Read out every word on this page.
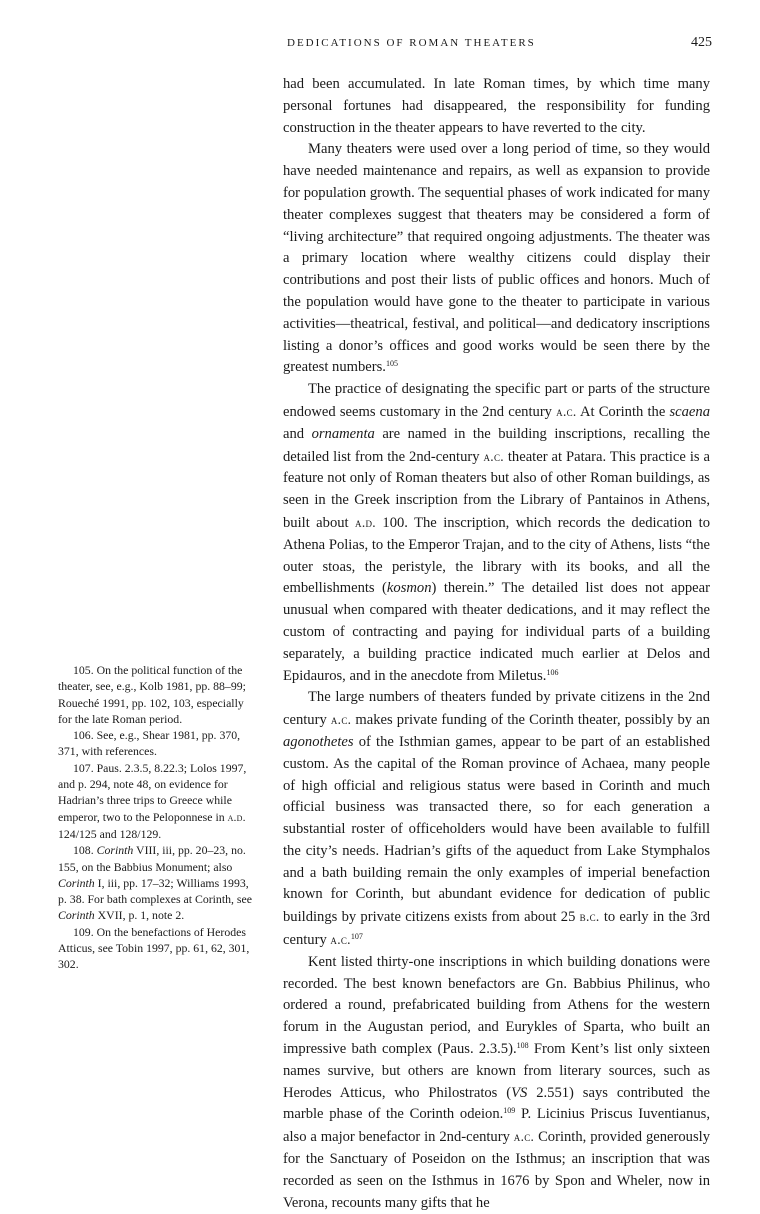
DEDICATIONS OF ROMAN THEATERS	425

had been accumulated. In late Roman times, by which time many personal fortunes had disappeared, the responsibility for funding construction in the theater appears to have reverted to the city.

Many theaters were used over a long period of time, so they would have needed maintenance and repairs, as well as expansion to provide for population growth. The sequential phases of work indicated for many theater complexes suggest that theaters may be considered a form of “living architecture” that required ongoing adjustments. The theater was a primary location where wealthy citizens could display their contributions and post their lists of public offices and honors. Much of the population would have gone to the theater to participate in various activities—theatrical, festival, and political—and dedicatory inscriptions listing a donor’s offices and good works would be seen there by the greatest numbers.$^{105}$

The practice of designating the specific part or parts of the structure endowed seems customary in the 2nd century a.c. At Corinth the scaena and ornamenta are named in the building inscriptions, recalling the detailed list from the 2nd-century a.c. theater at Patara. This practice is a feature not only of Roman theaters but also of other Roman buildings, as seen in the Greek inscription from the Library of Pantainos in Athens, built about a.d. 100. The inscription, which records the dedication to Athena Polias, to the Emperor Trajan, and to the city of Athens, lists “the outer stoas, the peristyle, the library with its books, and all the embellishments (kosmon) therein.” The detailed list does not appear unusual when compared with theater dedications, and it may reflect the custom of contracting and paying for individual parts of a building separately, a building practice indicated much earlier at Delos and Epidauros, and in the anecdote from Miletus.$^{106}$

The large numbers of theaters funded by private citizens in the 2nd century a.c. makes private funding of the Corinth theater, possibly by an agonothetes of the Isthmian games, appear to be part of an established custom. As the capital of the Roman province of Achaea, many people of high official and religious status were based in Corinth and much official business was transacted there, so for each generation a substantial roster of officeholders would have been available to fulfill the city’s needs. Hadrian’s gifts of the aqueduct from Lake Stymphalos and a bath building remain the only examples of imperial benefaction known for Corinth, but abundant evidence for dedication of public buildings by private citizens exists from about 25 b.c. to early in the 3rd century a.c.$^{107}$

Kent listed thirty-one inscriptions in which building donations were recorded. The best known benefactors are Gn. Babbius Philinus, who ordered a round, prefabricated building from Athens for the western forum in the Augustan period, and Eurykles of Sparta, who built an impressive bath complex (Paus. 2.3.5).$^{108}$ From Kent’s list only sixteen names survive, but others are known from literary sources, such as Herodes Atticus, who Philostratos (VS 2.551) says contributed the marble phase of the Corinth odeion.$^{109}$ P. Licinius Priscus Iuventianus, also a major benefactor in 2nd-century a.c. Corinth, provided generously for the Sanctuary of Poseidon on the Isthmus; an inscription that was recorded as seen on the Isthmus in 1676 by Spon and Wheler, now in Verona, recounts many gifts that he

105. On the political function of the theater, see, e.g., Kolb 1981, pp. 88–99; Roueché 1991, pp. 102, 103, especially for the late Roman period.

106. See, e.g., Shear 1981, pp. 370, 371, with references.

107. Paus. 2.3.5, 8.22.3; Lolos 1997, and p. 294, note 48, on evidence for Hadrian’s three trips to Greece while emperor, two to the Peloponnese in a.d. 124/125 and 128/129.

108. Corinth VIII, iii, pp. 20–23, no. 155, on the Babbius Monument; also Corinth I, iii, pp. 17–32; Williams 1993, p. 38. For bath complexes at Corinth, see Corinth XVII, p. 1, note 2.

109. On the benefactions of Herodes Atticus, see Tobin 1997, pp. 61, 62, 301, 302.
